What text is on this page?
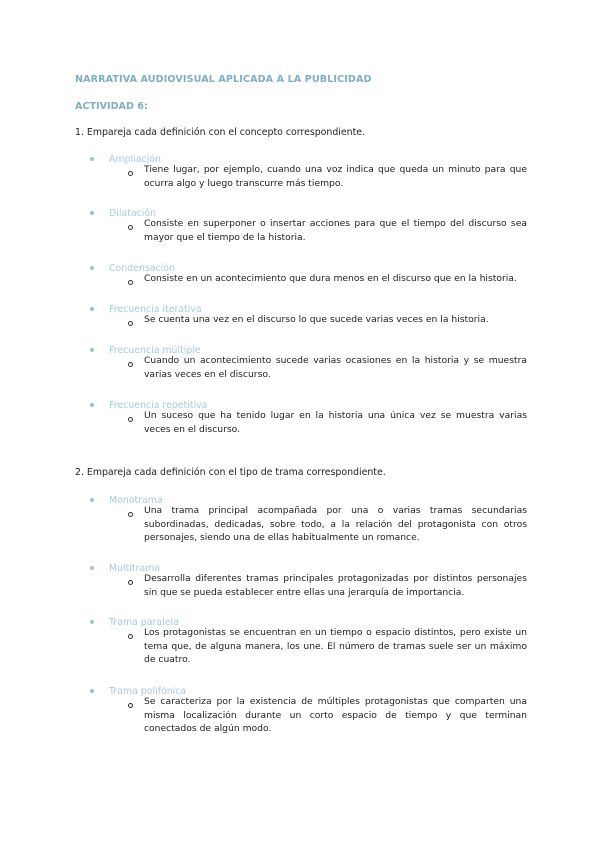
NARRATIVA AUDIOVISUAL APLICADA A LA PUBLICIDAD
ACTIVIDAD 6:
1. Empareja cada definición con el concepto correspondiente.
Ampliación
Tiene lugar, por ejemplo, cuando una voz indica que queda un minuto para que ocurra algo y luego transcurre más tiempo.
Dilatación
Consiste en superponer o insertar acciones para que el tiempo del discurso sea mayor que el tiempo de la historia.
Condensación
Consiste en un acontecimiento que dura menos en el discurso que en la historia.
Frecuencia iterativa
Se cuenta una vez en el discurso lo que sucede varias veces en la historia.
Frecuencia múltiple
Cuando un acontecimiento sucede varias ocasiones en la historia y se muestra varias veces en el discurso.
Frecuencia repetitiva
Un suceso que ha tenido lugar en la historia una única vez se muestra varias veces en el discurso.
2. Empareja cada definición con el tipo de trama correspondiente.
Monotrama
Una trama principal acompañada por una o varias tramas secundarias subordinadas, dedicadas, sobre todo, a la relación del protagonista con otros personajes, siendo una de ellas habitualmente un romance.
Multitrama
Desarrolla diferentes tramas principales protagonizadas por distintos personajes sin que se pueda establecer entre ellas una jerarquía de importancia.
Trama paralela
Los protagonistas se encuentran en un tiempo o espacio distintos, pero existe un tema que, de alguna manera, los une. El número de tramas suele ser un máximo de cuatro.
Trama polifónica
Se caracteriza por la existencia de múltiples protagonistas que comparten una misma localización durante un corto espacio de tiempo y que terminan conectados de algún modo.
